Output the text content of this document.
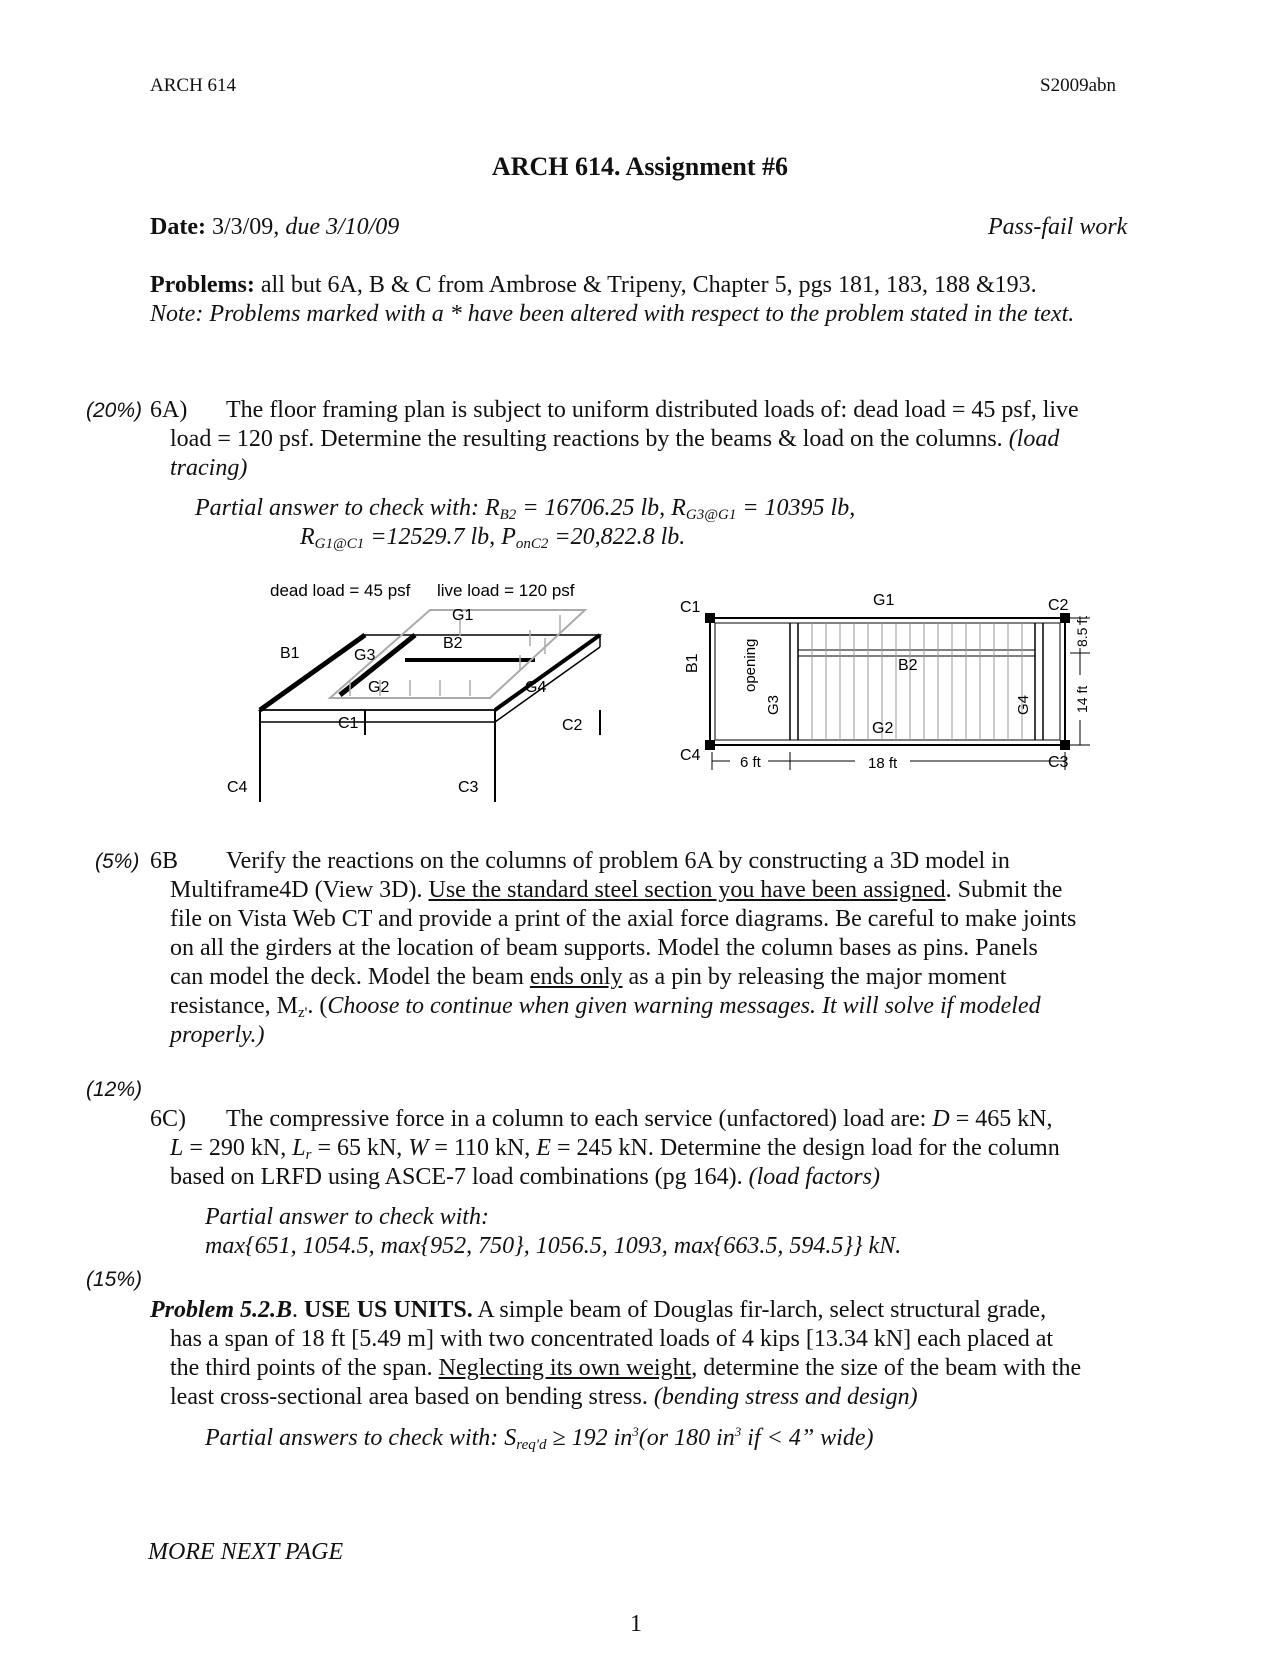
ARCH 614	S2009abn
ARCH 614. Assignment #6
Date: 3/3/09, due 3/10/09	Pass-fail work
Problems: all but 6A, B & C from Ambrose & Tripeny, Chapter 5, pgs 181, 183, 188 &193.
Note: Problems marked with a * have been altered with respect to the problem stated in the text.
(20%) 6A) The floor framing plan is subject to uniform distributed loads of: dead load = 45 psf, live
load = 120 psf. Determine the resulting reactions by the beams & load on the columns. (load
tracing)
Partial answer to check with: $R_{B2} = 16706.25$ lb, $R_{G3@G1} = 10395$ lb,
$R_{G1@C1} =12529.7$ lb, $P_{onC2} =20,822.8$ lb.
dead load = 45 psf live load = 120 psf
G1
B2
B1	G3
G2	G4
C1	C2
C4	C3
C1	G1	C2
B2
B1	opening
G3
G2
G4
C4	C3
6 ft	18 ft
8.5 ft
14 ft
(5%) 6B Verify the reactions on the columns of problem 6A by constructing a 3D model in
Multiframe4D (View 3D). Use the standard steel section you have been assigned. Submit the
file on Vista Web CT and provide a print of the axial force diagrams. Be careful to make joints
on all the girders at the location of beam supports. Model the column bases as pins. Panels
can model the deck. Model the beam ends only as a pin by releasing the major moment
resistance, $M_{z'}$. (Choose to continue when given warning messages. It will solve if modeled
properly.)
(12%)
6C) The compressive force in a column to each service (unfactored) load are: D = 465 kN,
L = 290 kN, $L_r = 65$ kN, W = 110 kN, E = 245 kN. Determine the design load for the column
based on LRFD using ASCE-7 load combinations (pg 164). (load factors)
Partial answer to check with:
max{651, 1054.5, max{952, 750}, 1056.5, 1093, max{663.5, 594.5}} kN.
(15%)
Problem 5.2.B. USE US UNITS. A simple beam of Douglas fir-larch, select structural grade,
has a span of 18 ft [5.49 m] with two concentrated loads of 4 kips [13.34 kN] each placed at
the third points of the span. Neglecting its own weight, determine the size of the beam with the
least cross-sectional area based on bending stress. (bending stress and design)
Partial answers to check with: $S_{req'd} \ge 192$ $in^3(or$ 180 $in^3$ if < 4” wide)
MORE NEXT PAGE
1
